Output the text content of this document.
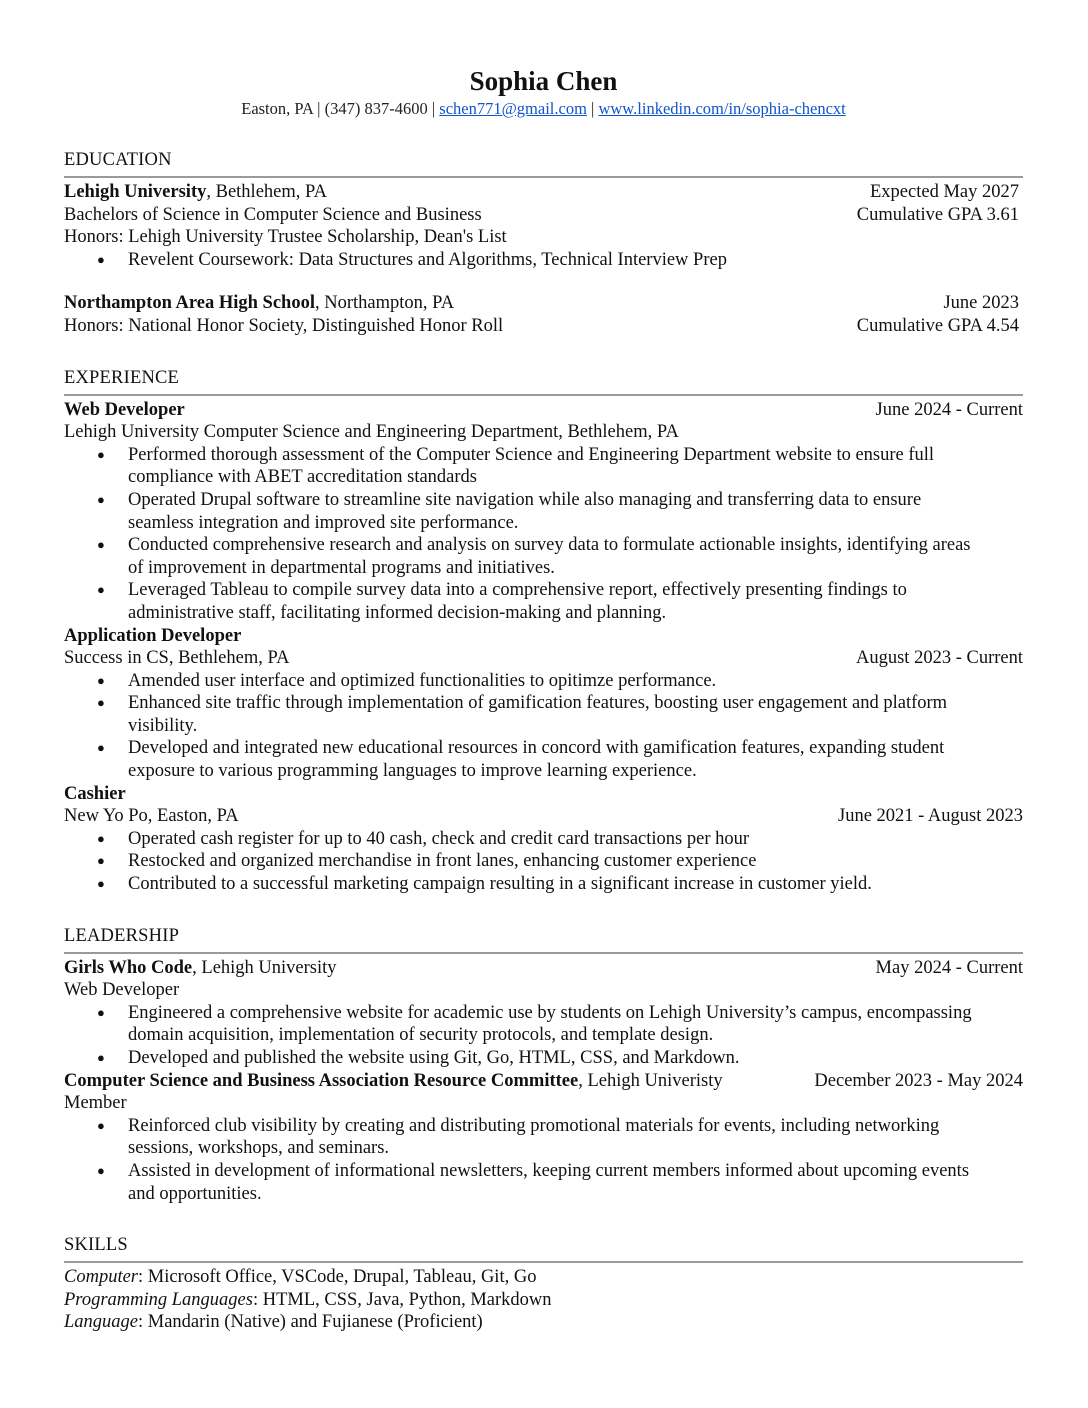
Sophia Chen
Easton, PA | (347) 837-4600 | schen771@gmail.com | www.linkedin.com/in/sophia-chencxt
EDUCATION
Lehigh University, Bethlehem, PA	Expected May 2027
Bachelors of Science in Computer Science and Business	Cumulative GPA 3.61
Honors: Lehigh University Trustee Scholarship, Dean's List
● Revelent Coursework: Data Structures and Algorithms, Technical Interview Prep
Northampton Area High School, Northampton, PA	June 2023
Honors: National Honor Society, Distinguished Honor Roll	Cumulative GPA 4.54
EXPERIENCE
Web Developer	June 2024 - Current
Lehigh University Computer Science and Engineering Department, Bethlehem, PA
● Performed thorough assessment of the Computer Science and Engineering Department website to ensure full
compliance with ABET accreditation standards
● Operated Drupal software to streamline site navigation while also managing and transferring data to ensure
seamless integration and improved site performance.
● Conducted comprehensive research and analysis on survey data to formulate actionable insights, identifying areas
of improvement in departmental programs and initiatives.
● Leveraged Tableau to compile survey data into a comprehensive report, effectively presenting findings to
administrative staff, facilitating informed decision-making and planning.
Application Developer
Success in CS, Bethlehem, PA	August 2023 - Current
● Amended user interface and optimized functionalities to opitimze performance.
● Enhanced site traffic through implementation of gamification features, boosting user engagement and platform
visibility.
● Developed and integrated new educational resources in concord with gamification features, expanding student
exposure to various programming languages to improve learning experience.
Cashier
New Yo Po, Easton, PA	June 2021 - August 2023
● Operated cash register for up to 40 cash, check and credit card transactions per hour
● Restocked and organized merchandise in front lanes, enhancing customer experience
● Contributed to a successful marketing campaign resulting in a significant increase in customer yield.
LEADERSHIP
Girls Who Code, Lehigh University	May 2024 - Current
Web Developer
● Engineered a comprehensive website for academic use by students on Lehigh University’s campus, encompassing
domain acquisition, implementation of security protocols, and template design.
● Developed and published the website using Git, Go, HTML, CSS, and Markdown.
Computer Science and Business Association Resource Committee, Lehigh Univeristy	December 2023 - May 2024
Member
● Reinforced club visibility by creating and distributing promotional materials for events, including networking
sessions, workshops, and seminars.
● Assisted in development of informational newsletters, keeping current members informed about upcoming events
and opportunities.
SKILLS
Computer: Microsoft Office, VSCode, Drupal, Tableau, Git, Go
Programming Languages: HTML, CSS, Java, Python, Markdown
Language: Mandarin (Native) and Fujianese (Proficient)
